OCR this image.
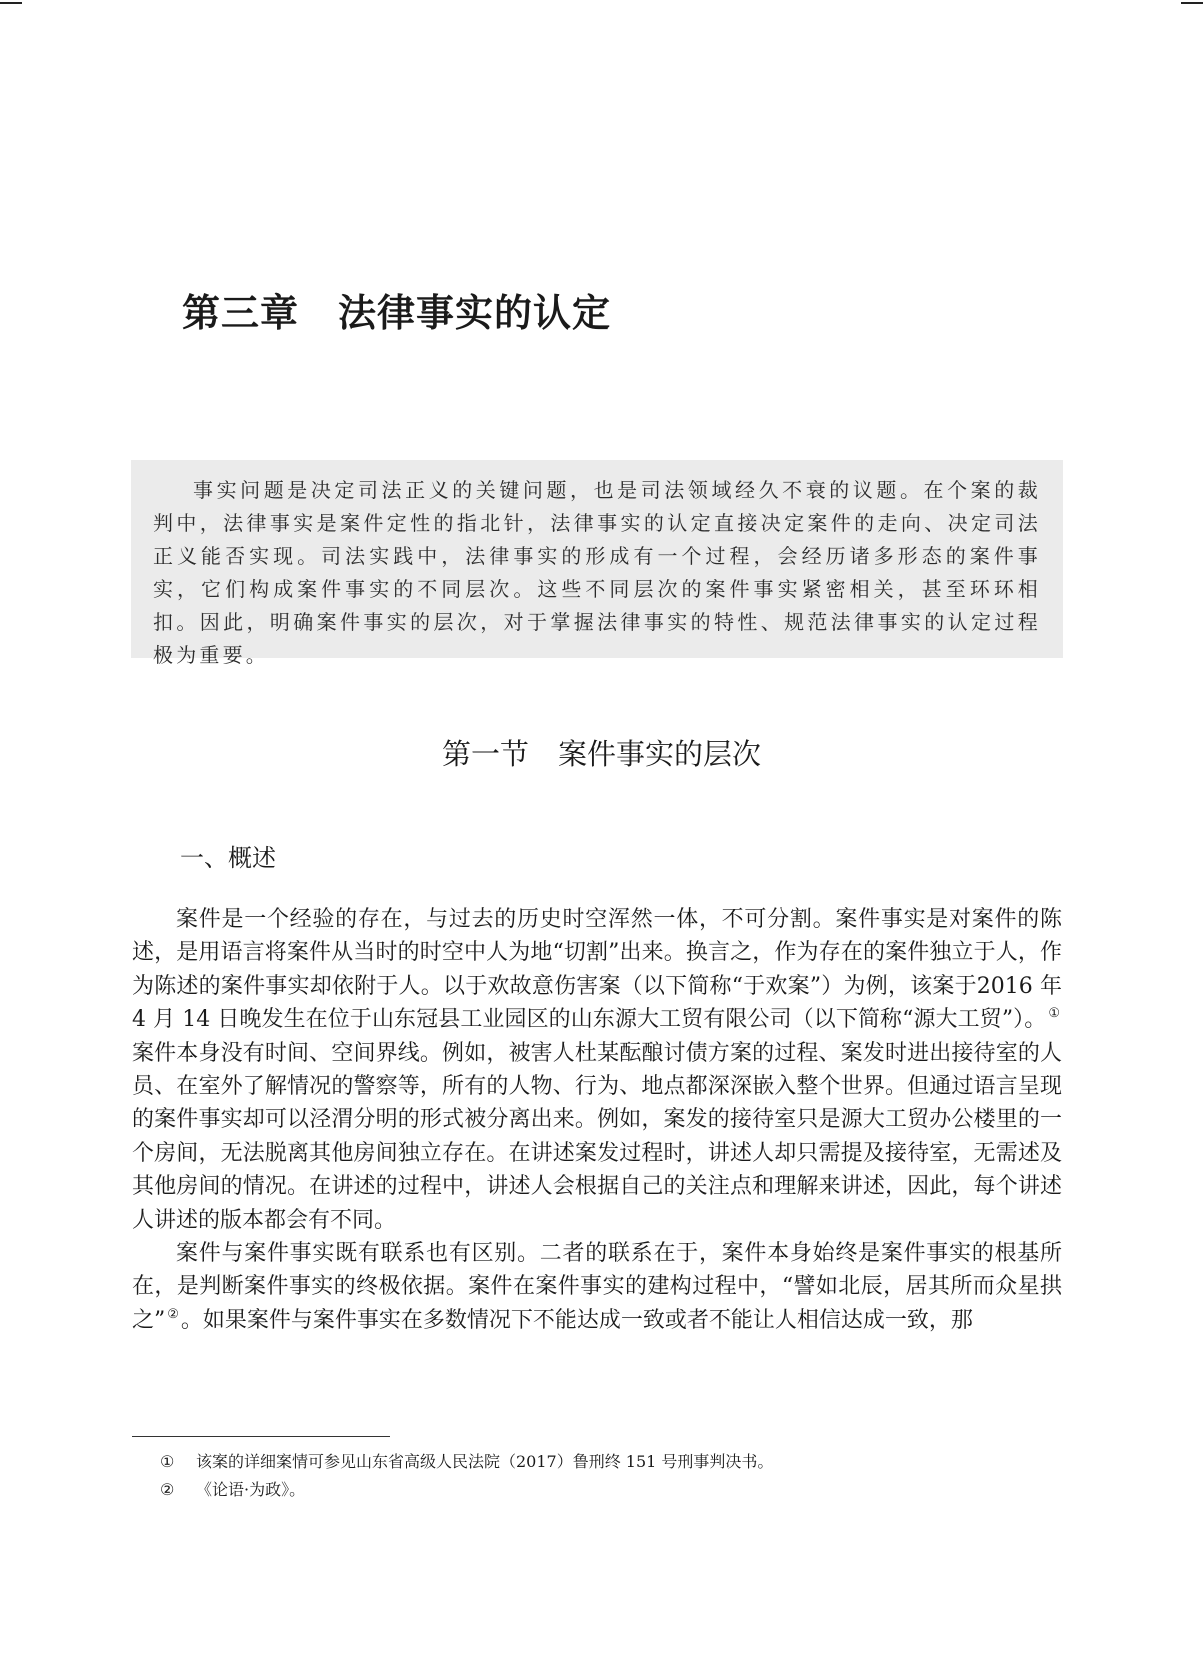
第三章　法律事实的认定

事实问题是决定司法正义的关键问题，也是司法领域经久不衰的议题。在个案的裁判中，法律事实是案件定性的指北针，法律事实的认定直接决定案件的走向、决定司法正义能否实现。司法实践中，法律事实的形成有一个过程，会经历诸多形态的案件事实，它们构成案件事实的不同层次。这些不同层次的案件事实紧密相关，甚至环环相扣。因此，明确案件事实的层次，对于掌握法律事实的特性、规范法律事实的认定过程极为重要。

第一节　案件事实的层次
一、概述

案件是一个经验的存在，与过去的历史时空浑然一体，不可分割。案件事实是对案件的陈述，是用语言将案件从当时的时空中人为地“切割”出来。换言之，作为存在的案件独立于人，作为陈述的案件事实却依附于人。以于欢故意伤害案（以下简称“于欢案”）为例，该案于2016 年 4 月 14 日晚发生在位于山东冠县工业园区的山东源大工贸有限公司（以下简称“源大工贸”）。 ①案件本身没有时间、空间界线。例如，被害人杜某酝酿讨债方案的过程、案发时进出接待室的人员、在室外了解情况的警察等，所有的人物、行为、地点都深深嵌入整个世界。但通过语言呈现的案件事实却可以泾渭分明的形式被分离出来。例如，案发的接待室只是源大工贸办公楼里的一个房间，无法脱离其他房间独立存在。在讲述案发过程时，讲述人却只需提及接待室，无需述及其他房间的情况。在讲述的过程中，讲述人会根据自己的关注点和理解来讲述，因此，每个讲述人讲述的版本都会有不同。

案件与案件事实既有联系也有区别。二者的联系在于，案件本身始终是案件事实的根基所在，是判断案件事实的终极依据。案件在案件事实的建构过程中，“譬如北辰，居其所而众星拱之” ②。如果案件与案件事实在多数情况下不能达成一致或者不能让人相信达成一致，那

① 该案的详细案情可参见山东省高级人民法院（2017）鲁刑终 151 号刑事判决书。
② 《论语·为政》。
